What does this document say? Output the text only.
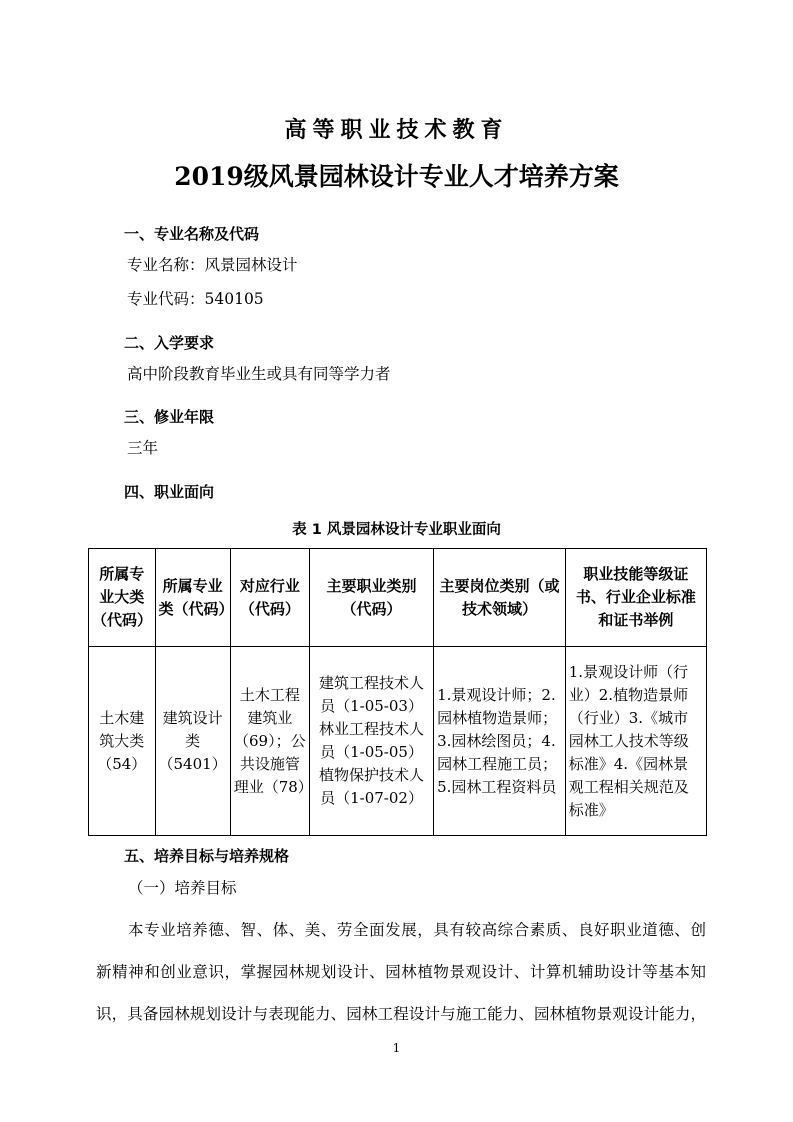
高等职业技术教育
2019级风景园林设计专业人才培养方案
一、专业名称及代码
专业名称：风景园林设计
专业代码：540105
二、入学要求
高中阶段教育毕业生或具有同等学力者
三、修业年限
三年
四、职业面向
表 1 风景园林设计专业职业面向
所属专业大类（代码）	所属专业类（代码）	对应行业（代码）	主要职业类别（代码）	主要岗位类别（或技术领域）	职业技能等级证书、行业企业标准和证书举例
土木建筑大类（54）	建筑设计类（5401）	土木工程建筑业（69）；公共设施管理业（78）	建筑工程技术人员（1-05-03）林业工程技术人员（1-05-05）植物保护技术人员（1-07-02）	1.景观设计师；2.园林植物造景师；3.园林绘图员；4.园林工程施工员；5.园林工程资料员	1.景观设计师（行业）2.植物造景师（行业）3.《城市园林工人技术等级标准》4.《园林景观工程相关规范及标准》
五、培养目标与培养规格
（一）培养目标
本专业培养德、智、体、美、劳全面发展，具有较高综合素质、良好职业道德、创
新精神和创业意识，掌握园林规划设计、园林植物景观设计、计算机辅助设计等基本知
识，具备园林规划设计与表现能力、园林工程设计与施工能力、园林植物景观设计能力，
1
